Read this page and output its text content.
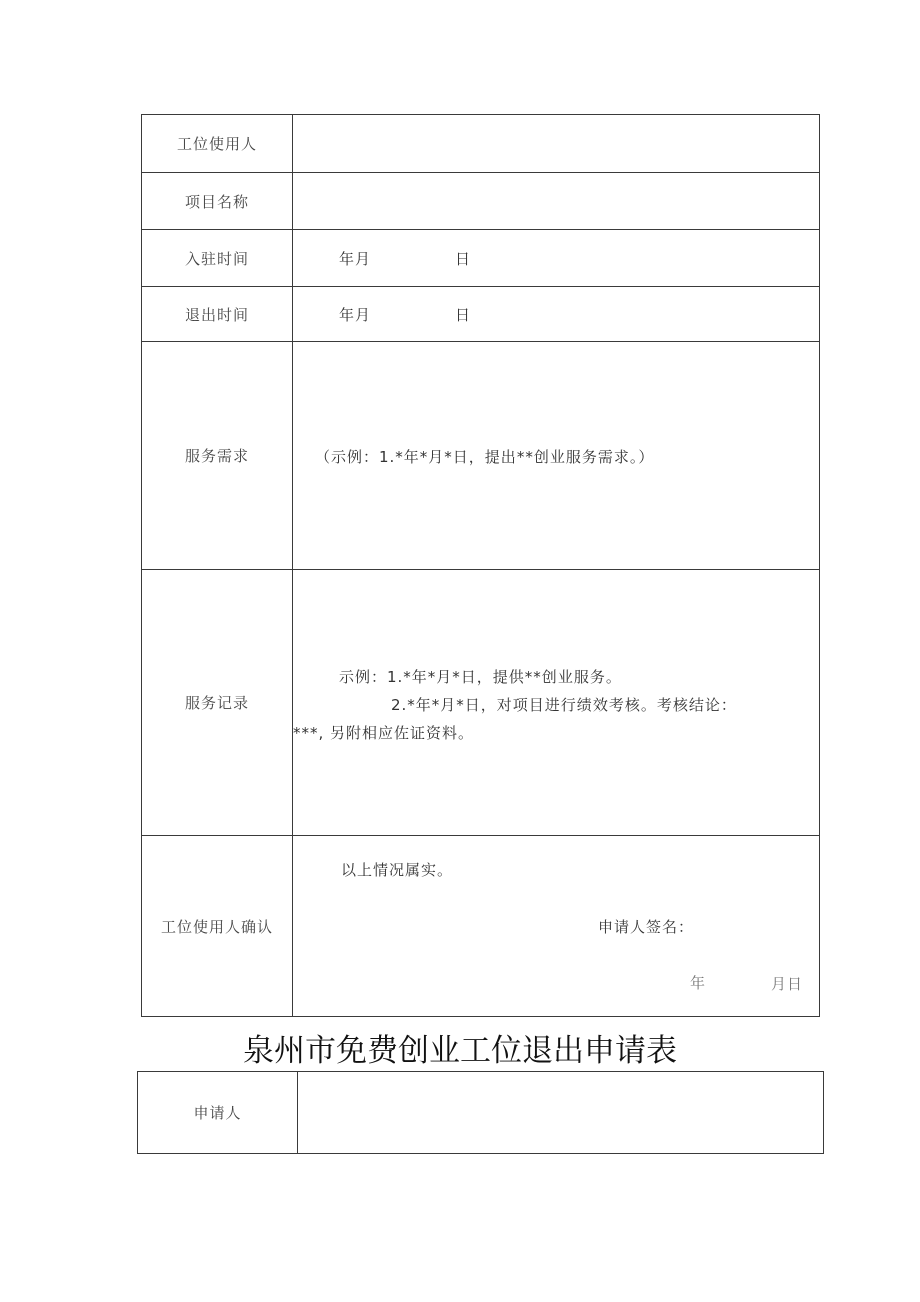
工位使用人	
项目名称	
入驻时间	年月 日

退出时间	年月 日

服务需求	（示例：1.*年*月*日，提出**创业服务需求。）

服务记录	示例：1.*年*月*日，提供**创业服务。
2.*年*月*日，对项目进行绩效考核。考核结论：
***, 另附相应佐证资料。

工位使用人确认	以上情况属实。
申请人签名：
年 月日
泉州市免费创业工位退出申请表
申请人	
